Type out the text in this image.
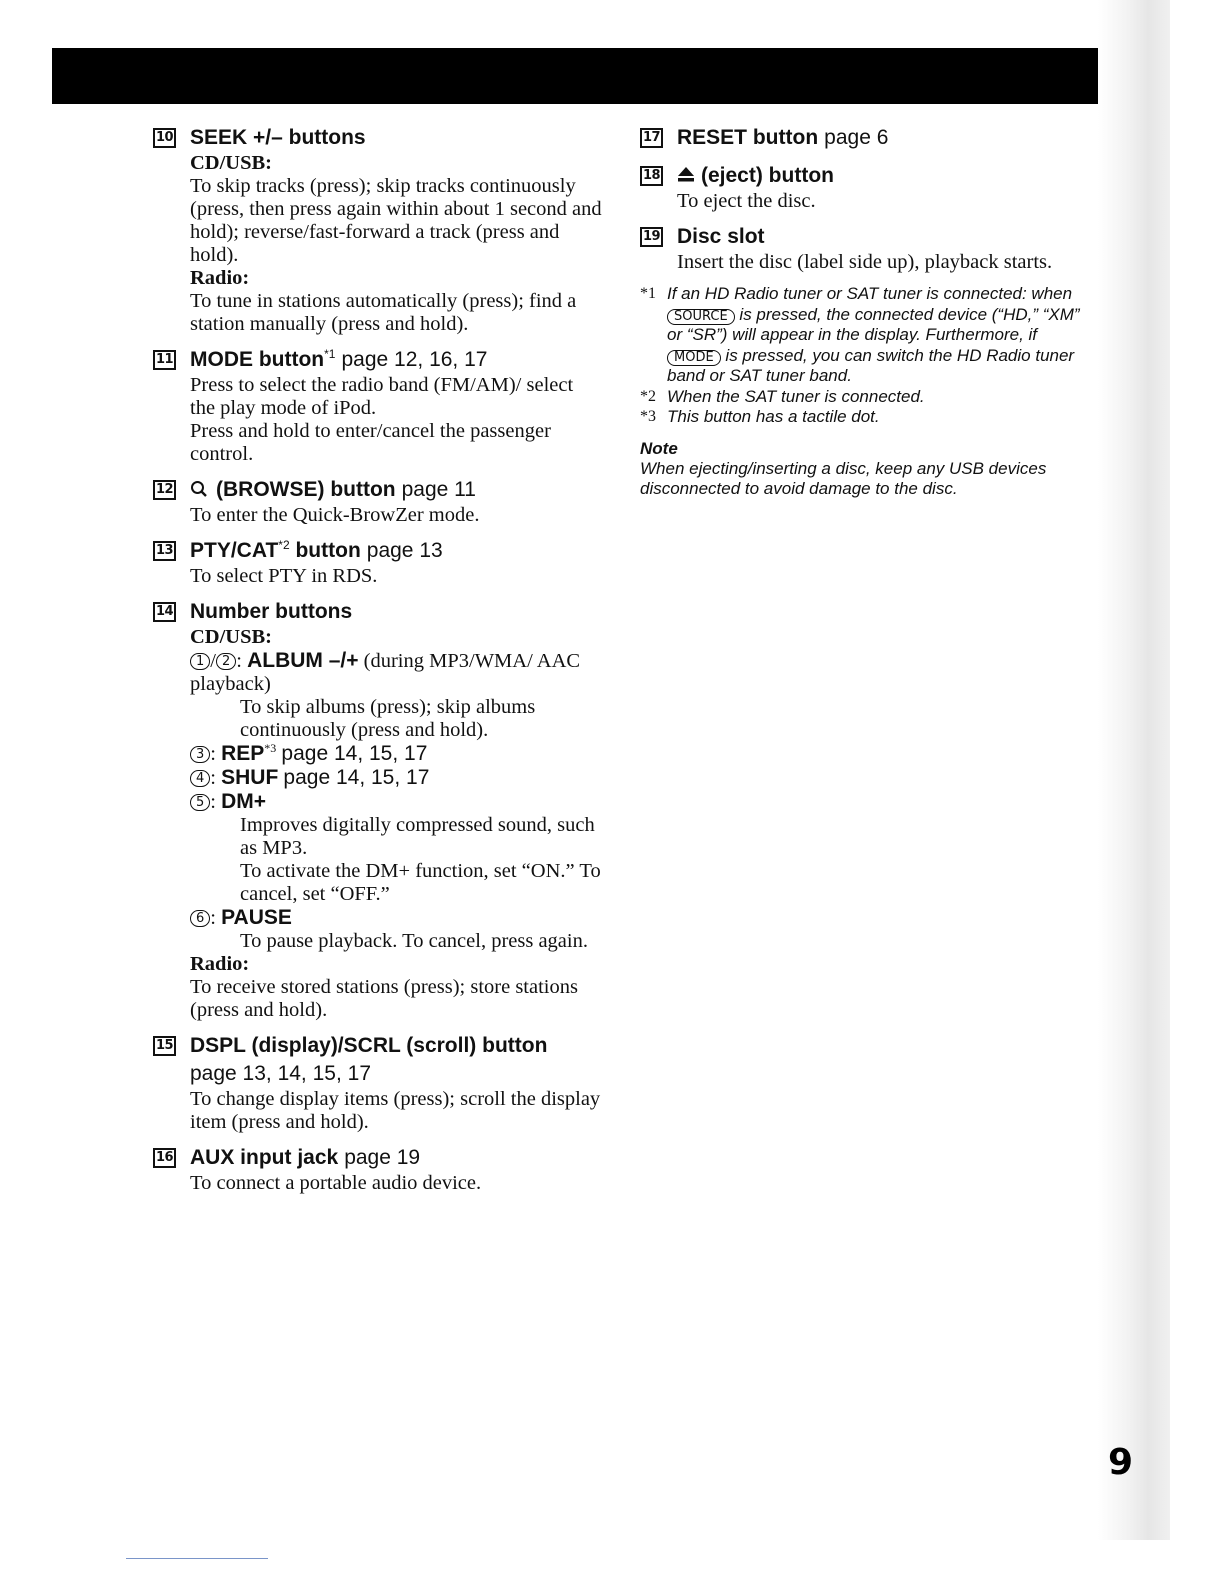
10 SEEK +/– buttons
CD/USB:
To skip tracks (press); skip tracks continuously (press, then press again within about 1 second and hold); reverse/fast-forward a track (press and hold).
Radio:
To tune in stations automatically (press); find a station manually (press and hold).
11 MODE button$^{*1}$ page 12, 16, 17
Press to select the radio band (FM/AM)/ select the play mode of iPod.
Press and hold to enter/cancel the passenger control.
12	(BROWSE) button page 11
To enter the Quick-BrowZer mode.
13 PTY/CAT$^{*2}$ button page 13
To select PTY in RDS.
14 Number buttons
CD/USB:
1 / 2 : ALBUM –/+ (during MP3/WMA/ AAC playback)
To skip albums (press); skip albums continuously (press and hold).
3 : REP$^{*3}$ page 14, 15, 17
4 : SHUF page 14, 15, 17
5 : DM+
Improves digitally compressed sound, such as MP3.
To activate the DM+ function, set “ON.” To cancel, set “OFF.”
6 : PAUSE
To pause playback. To cancel, press again.
Radio:
To receive stored stations (press); store stations (press and hold).
15 DSPL (display)/SCRL (scroll) button
page 13, 14, 15, 17
To change display items (press); scroll the display item (press and hold).
16 AUX input jack page 19
To connect a portable audio device.
17 RESET button page 6
18	(eject) button
To eject the disc.
19 Disc slot
Insert the disc (label side up), playback starts.
*1 If an HD Radio tuner or SAT tuner is connected: when SOURCE is pressed, the connected device (“HD,” “XM” or “SR”) will appear in the display. Furthermore, if MODE is pressed, you can switch the HD Radio tuner band or SAT tuner band.
*2 When the SAT tuner is connected.
*3 This button has a tactile dot.
Note
When ejecting/inserting a disc, keep any USB devices disconnected to avoid damage to the disc.
9
